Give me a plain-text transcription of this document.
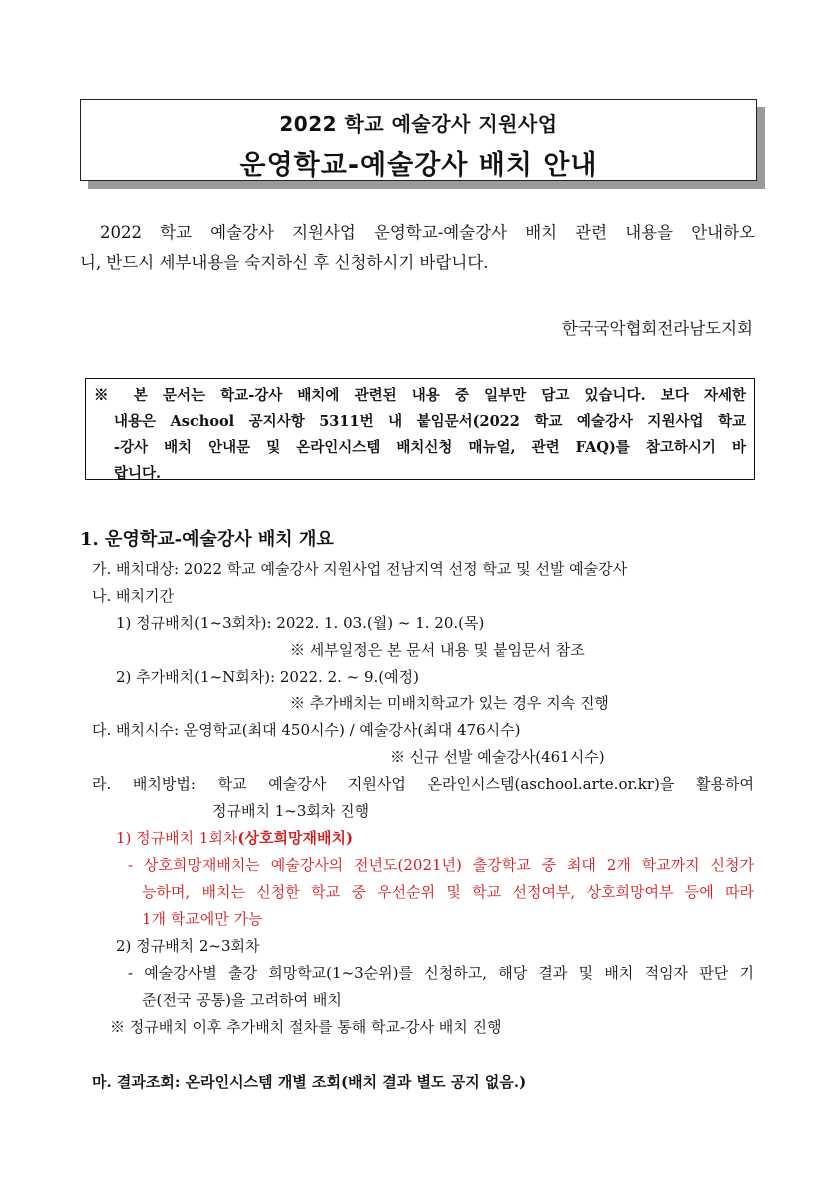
2022 학교 예술강사 지원사업
운영학교-예술강사 배치 안내
2022 학교 예술강사 지원사업 운영학교-예술강사 배치 관련 내용을 안내하오
니, 반드시 세부내용을 숙지하신 후 신청하시기 바랍니다.
한국국악협회전라남도지회

※ 본 문서는 학교-강사 배치에 관련된 내용 중 일부만 담고 있습니다. 보다 자세한

내용은 Aschool 공지사항 5311번 내 붙임문서(2022 학교 예술강사 지원사업 학교

-강사 배치 안내문 및 온라인시스템 배치신청 매뉴얼, 관련 FAQ)를 참고하시기 바

랍니다.

1. 운영학교-예술강사 배치 개요
가. 배치대상: 2022 학교 예술강사 지원사업 전남지역 선정 학교 및 선발 예술강사
나. 배치기간
1) 정규배치(1~3회차): 2022. 1. 03.(월) ~ 1. 20.(목)
※ 세부일정은 본 문서 내용 및 붙임문서 참조
2) 추가배치(1~N회차): 2022. 2. ~ 9.(예정)
※ 추가배치는 미배치학교가 있는 경우 지속 진행
다. 배치시수: 운영학교(최대 450시수) / 예술강사(최대 476시수)
※ 신규 선발 예술강사(461시수)
라. 배치방법: 학교 예술강사 지원사업 온라인시스템(aschool.arte.or.kr)을 활용하여
정규배치 1~3회차 진행
1) 정규배치 1회차(상호희망재배치)
- 상호희망재배치는 예술강사의 전년도(2021년) 출강학교 중 최대 2개 학교까지 신청가
능하며, 배치는 신청한 학교 중 우선순위 및 학교 선정여부, 상호희망여부 등에 따라
1개 학교에만 가능
2) 정규배치 2~3회차
- 예술강사별 출강 희망학교(1~3순위)를 신청하고, 해당 결과 및 배치 적임자 판단 기
준(전국 공통)을 고려하여 배치
※ 정규배치 이후 추가배치 절차를 통해 학교-강사 배치 진행
마. 결과조회: 온라인시스템 개별 조회(배치 결과 별도 공지 없음.)
